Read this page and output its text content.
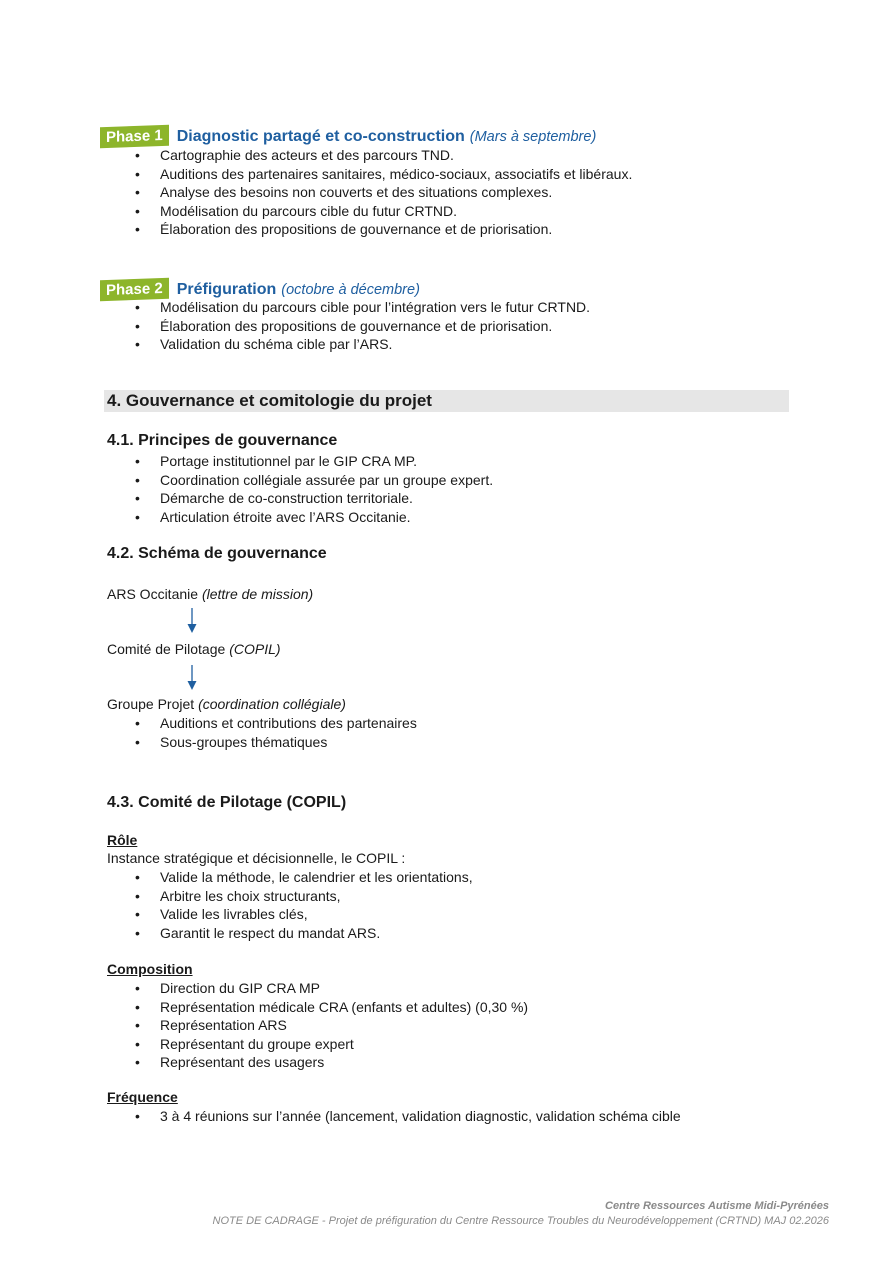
Phase 1 Diagnostic partagé et co-construction (Mars à septembre)
• Cartographie des acteurs et des parcours TND.
• Auditions des partenaires sanitaires, médico-sociaux, associatifs et libéraux.
• Analyse des besoins non couverts et des situations complexes.
• Modélisation du parcours cible du futur CRTND.
• Élaboration des propositions de gouvernance et de priorisation.
Phase 2 Préfiguration (octobre à décembre)
• Modélisation du parcours cible pour l’intégration vers le futur CRTND.
• Élaboration des propositions de gouvernance et de priorisation.
• Validation du schéma cible par l’ARS.
4. Gouvernance et comitologie du projet
4.1. Principes de gouvernance
• Portage institutionnel par le GIP CRA MP.
• Coordination collégiale assurée par un groupe expert.
• Démarche de co-construction territoriale.
• Articulation étroite avec l’ARS Occitanie.
4.2. Schéma de gouvernance
ARS Occitanie (lettre de mission)
Comité de Pilotage (COPIL)
Groupe Projet (coordination collégiale)
• Auditions et contributions des partenaires
• Sous-groupes thématiques
4.3. Comité de Pilotage (COPIL)
Rôle
Instance stratégique et décisionnelle, le COPIL :
• Valide la méthode, le calendrier et les orientations,
• Arbitre les choix structurants,
• Valide les livrables clés,
• Garantit le respect du mandat ARS.
Composition
• Direction du GIP CRA MP
• Représentation médicale CRA (enfants et adultes) (0,30 %)
• Représentation ARS
• Représentant du groupe expert
• Représentant des usagers
Fréquence
• 3 à 4 réunions sur l’année (lancement, validation diagnostic, validation schéma cible
Centre Ressources Autisme Midi-Pyrénées
NOTE DE CADRAGE - Projet de préfiguration du Centre Ressource Troubles du Neurodéveloppement (CRTND) MAJ 02.2026
